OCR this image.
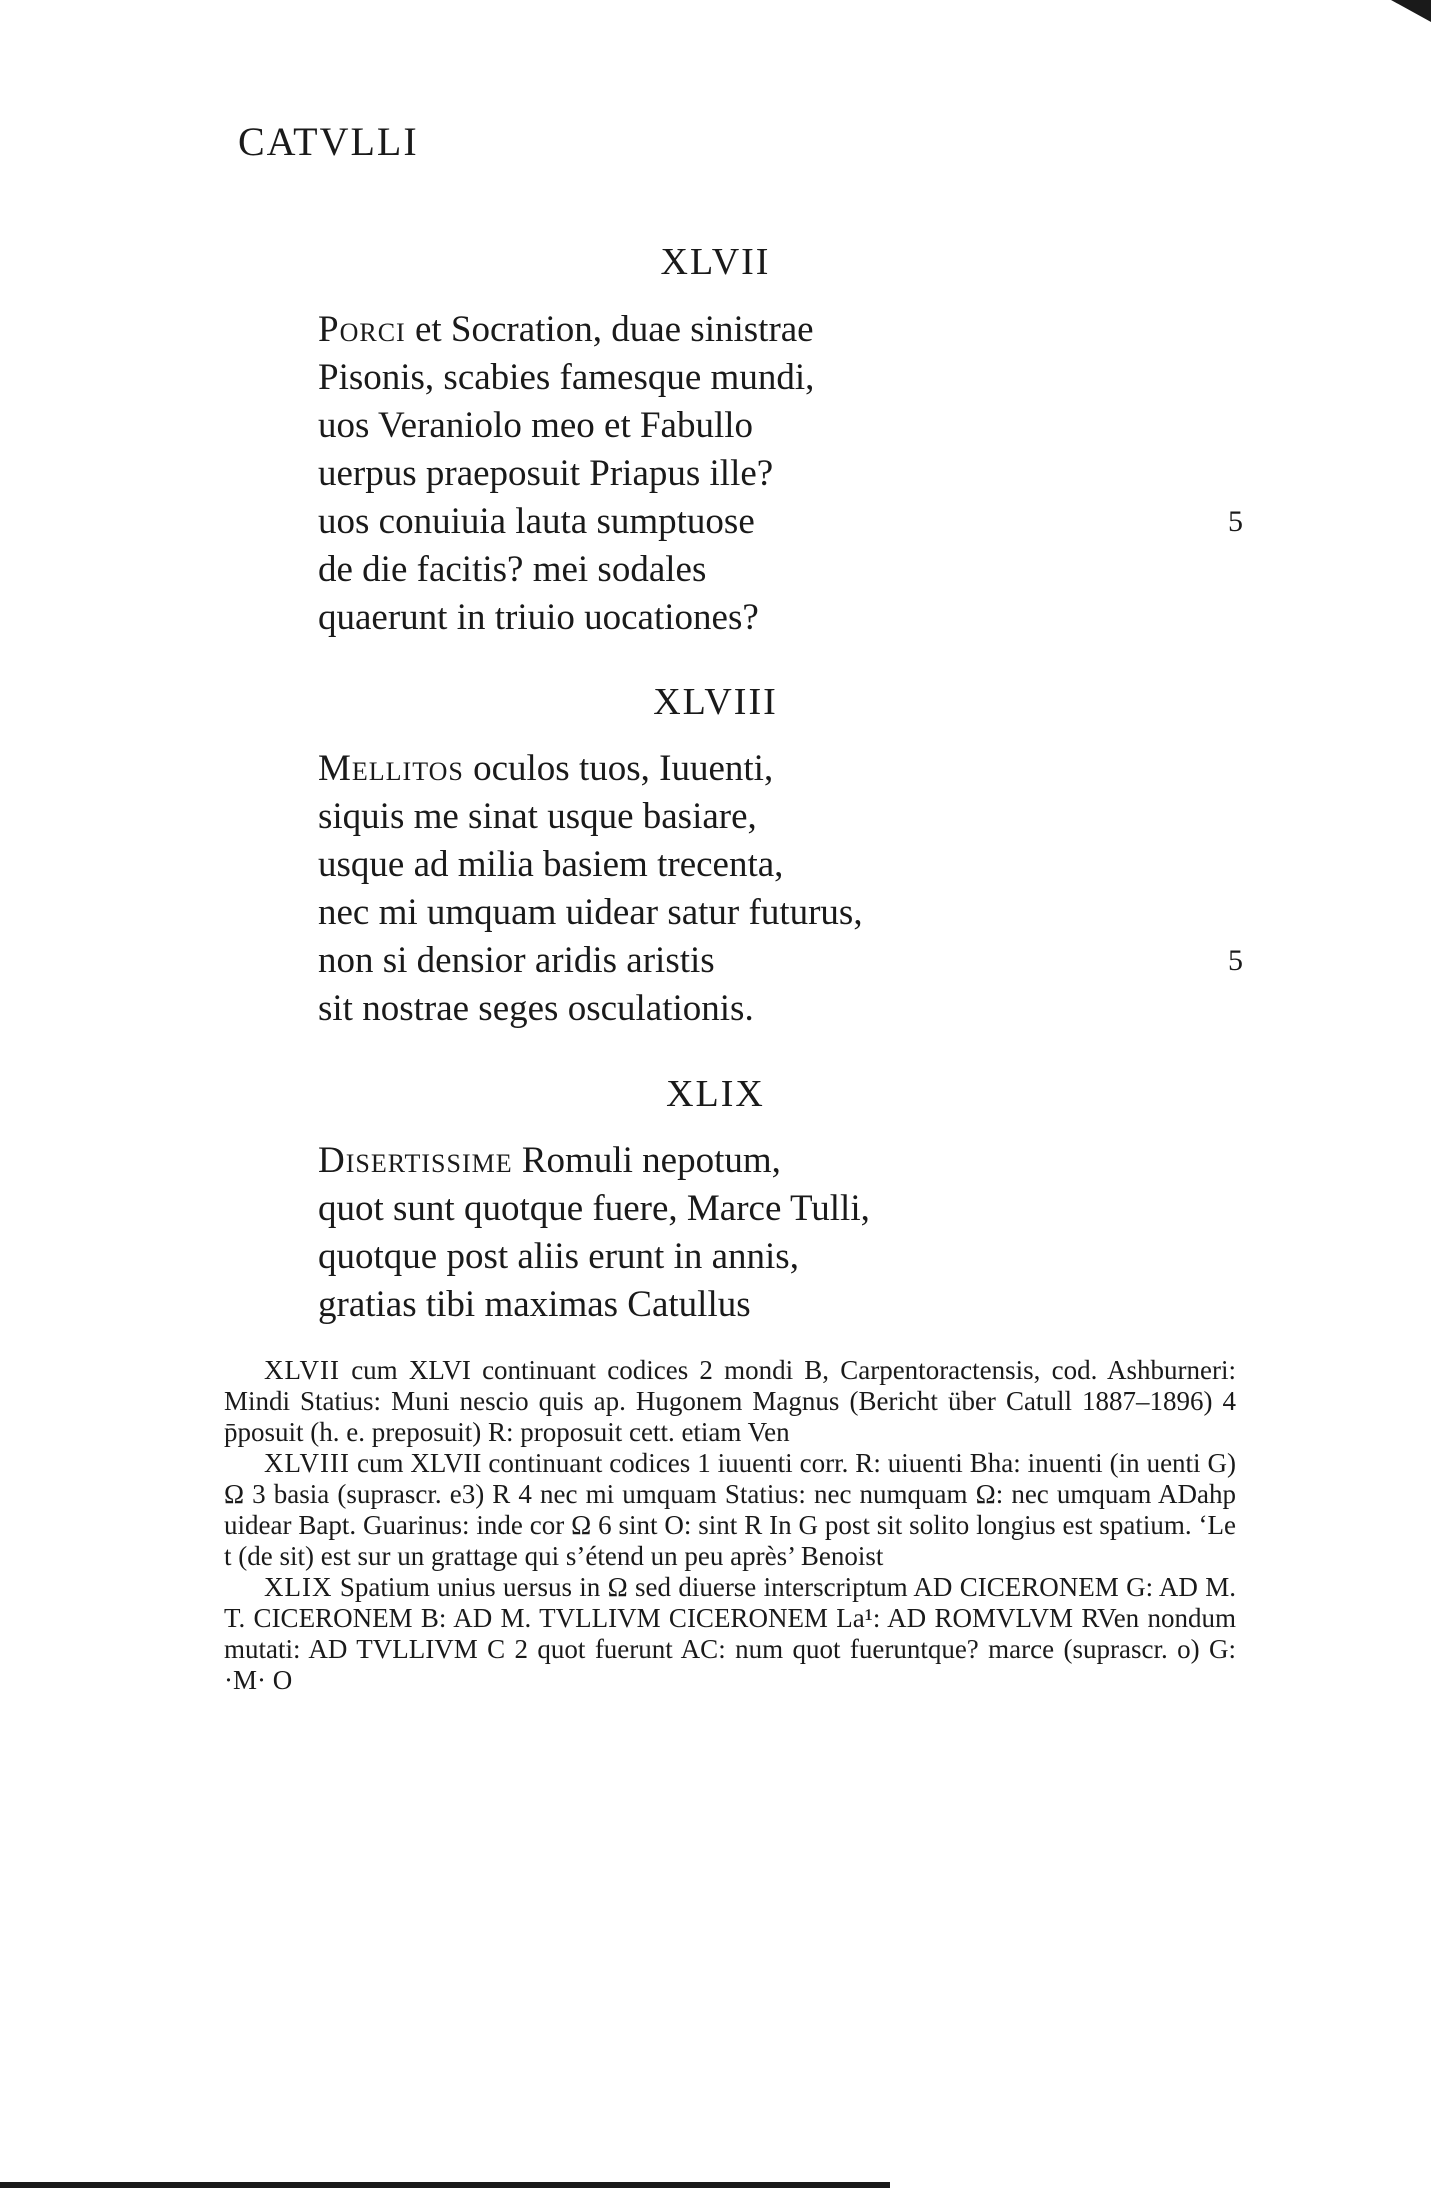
CATVLLI
XLVII
Porci et Socration, duae sinistrae
Pisonis, scabies famesque mundi,
uos Veraniolo meo et Fabullo
uerpus praeposuit Priapus ille?
uos conuiuia lauta sumptuose	5
de die facitis? mei sodales
quaerunt in triuio uocationes?
XLVIII
Mellitos oculos tuos, Iuuenti,
siquis me sinat usque basiare,
usque ad milia basiem trecenta,
nec mi umquam uidear satur futurus,
non si densior aridis aristis	5
sit nostrae seges osculationis.
XLIX
Disertissime Romuli nepotum,
quot sunt quotque fuere, Marce Tulli,
quotque post aliis erunt in annis,
gratias tibi maximas Catullus

XLVII cum XLVI continuant codices 2 mondi B, Carpentoractensis, cod. Ashburneri: Mindi Statius: Muni nescio quis ap. Hugonem Magnus (Bericht über Catull 1887–1896) 4 p̄posuit (h. e. preposuit) R: proposuit cett. etiam Ven

XLVIII cum XLVII continuant codices 1 iuuenti corr. R: uiuenti Bha: inuenti (in uenti G) Ω 3 basia (suprascr. e3) R 4 nec mi umquam Statius: nec numquam Ω: nec umquam ADahp uidear Bapt. Guarinus: inde cor Ω 6 sint O: sint R In G post sit solito longius est spatium. ‘Le t (de sit) est sur un grattage qui s’étend un peu après’ Benoist

XLIX Spatium unius uersus in Ω sed diuerse interscriptum AD CICERONEM G: AD M. T. CICERONEM B: AD M. TVLLIVM CICERONEM La¹: AD ROMVLVM RVen nondum mutati: AD TVLLIVM C 2 quot fuerunt AC: num quot fueruntque? marce (suprascr. o) G: ·M· O
